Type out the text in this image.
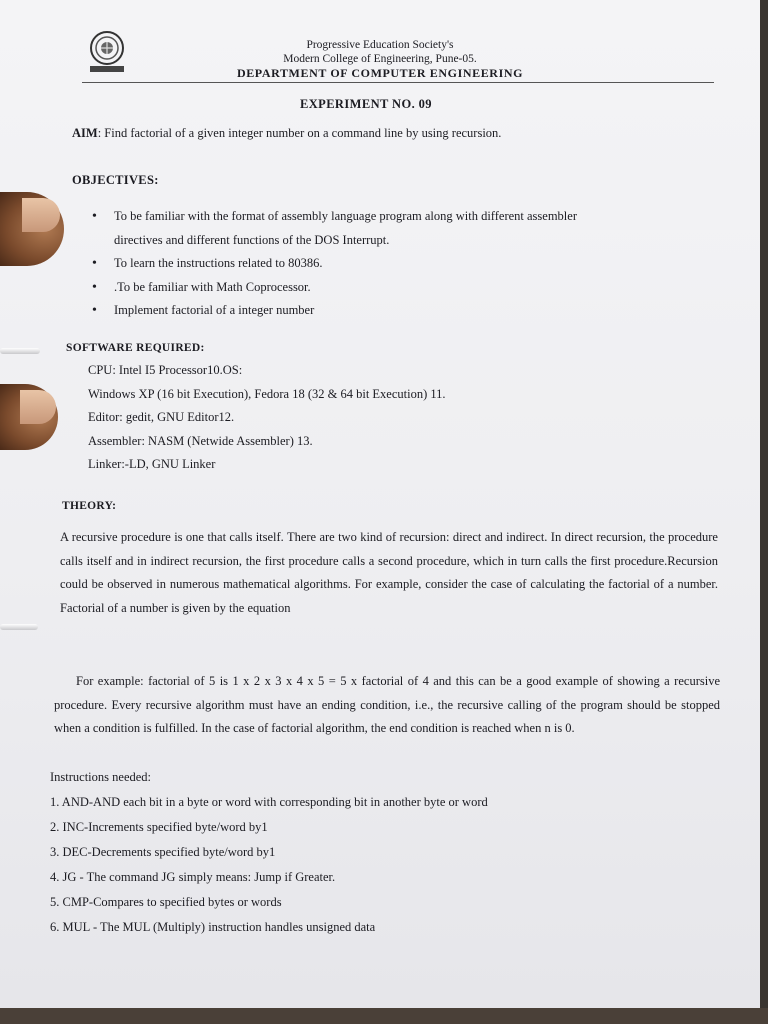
Progressive Education Society's
Modern College of Engineering, Pune-05.
DEPARTMENT OF COMPUTER ENGINEERING
EXPERIMENT NO. 09
AIM: Find factorial of a given integer number on a command line by using recursion.
OBJECTIVES:
• To be familiar with the format of assembly language program along with different assembler
directives and different functions of the DOS Interrupt.
• To learn the instructions related to 80386.
• .To be familiar with Math Coprocessor.
• Implement factorial of a integer number
SOFTWARE REQUIRED:
CPU: Intel I5 Processor10.OS:
Windows XP (16 bit Execution), Fedora 18 (32 & 64 bit Execution) 11.
Editor: gedit, GNU Editor12.
Assembler: NASM (Netwide Assembler) 13.
Linker:-LD, GNU Linker
THEORY:
A recursive procedure is one that calls itself. There are two kind of recursion: direct and indirect. In direct recursion, the procedure calls itself and in indirect recursion, the first procedure calls a second procedure, which in turn calls the first procedure.Recursion could be observed in numerous mathematical algorithms. For example, consider the case of calculating the factorial of a number. Factorial of a number is given by the equation
For example: factorial of 5 is 1 x 2 x 3 x 4 x 5 = 5 x factorial of 4 and this can be a good example of showing a recursive procedure. Every recursive algorithm must have an ending condition, i.e., the recursive calling of the program should be stopped when a condition is fulfilled. In the case of factorial algorithm, the end condition is reached when n is 0.
Instructions needed:
1. AND-AND each bit in a byte or word with corresponding bit in another byte or word
2. INC-Increments specified byte/word by1
3. DEC-Decrements specified byte/word by1
4. JG - The command JG simply means: Jump if Greater.
5. CMP-Compares to specified bytes or words
6. MUL - The MUL (Multiply) instruction handles unsigned data
